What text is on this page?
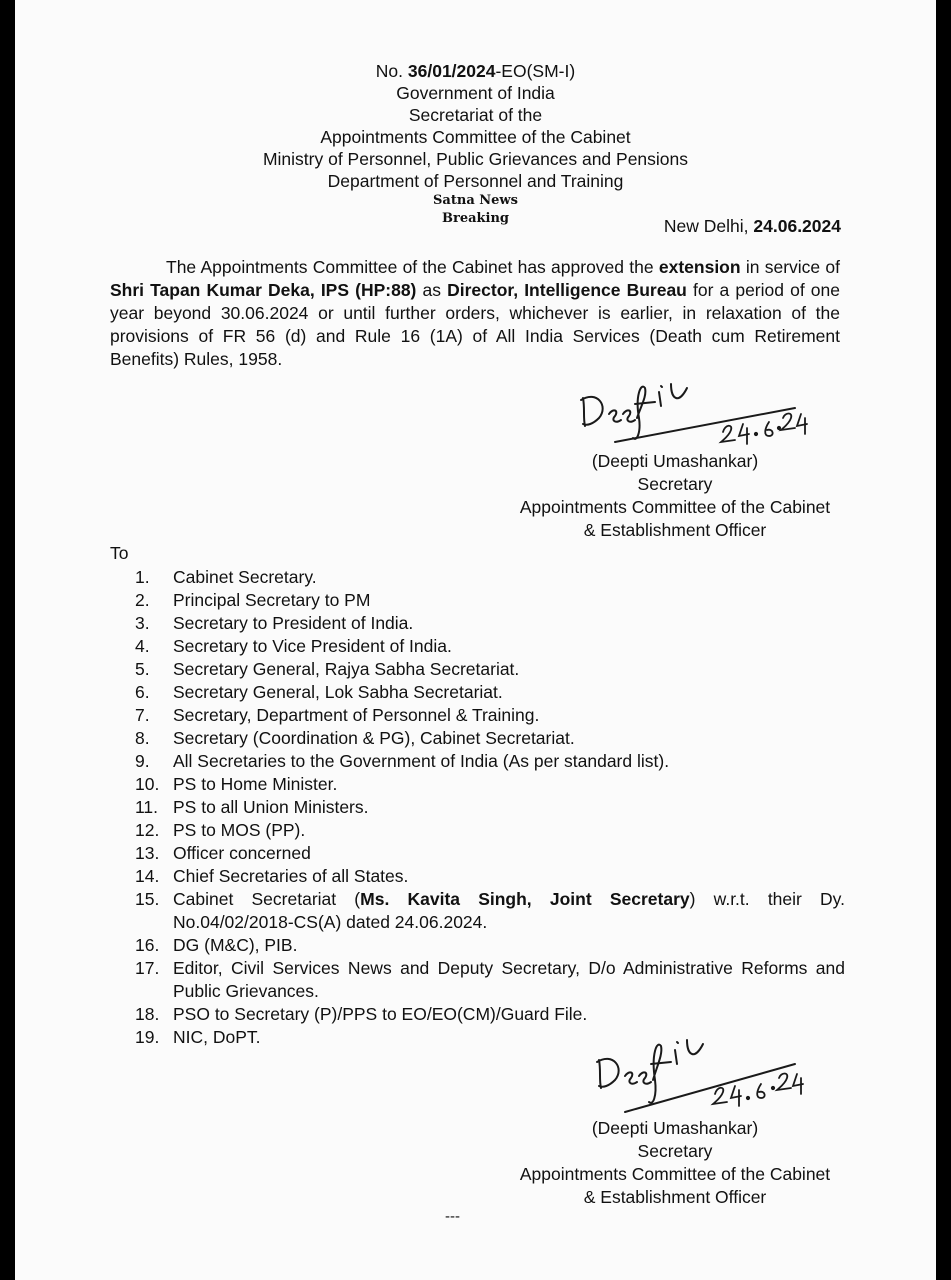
No. 36/01/2024-EO(SM-I)
Government of India
Secretariat of the
Appointments Committee of the Cabinet
Ministry of Personnel, Public Grievances and Pensions
Department of Personnel and Training
Satna News
Breaking	New Delhi, 24.06.2024

The Appointments Committee of the Cabinet has approved the extension in service of Shri Tapan Kumar Deka, IPS (HP:88) as Director, Intelligence Bureau for a period of one year beyond 30.06.2024 or until further orders, whichever is earlier, in relaxation of the provisions of FR 56 (d) and Rule 16 (1A) of All India Services (Death cum Retirement Benefits) Rules, 1958.

(Deepti Umashankar)
Secretary
Appointments Committee of the Cabinet
& Establishment Officer
To
1. Cabinet Secretary.
2. Principal Secretary to PM
3. Secretary to President of India.
4. Secretary to Vice President of India.
5. Secretary General, Rajya Sabha Secretariat.
6. Secretary General, Lok Sabha Secretariat.
7. Secretary, Department of Personnel & Training.
8. Secretary (Coordination & PG), Cabinet Secretariat.
9. All Secretaries to the Government of India (As per standard list).
10. PS to Home Minister.
11. PS to all Union Ministers.
12. PS to MOS (PP).
13. Officer concerned
14. Chief Secretaries of all States.
15. Cabinet Secretariat (Ms. Kavita Singh, Joint Secretary) w.r.t. their Dy. No.04/02/2018-CS(A) dated 24.06.2024.
16. DG (M&C), PIB.
17. Editor, Civil Services News and Deputy Secretary, D/o Administrative Reforms and Public Grievances.
18. PSO to Secretary (P)/PPS to EO/EO(CM)/Guard File.
19. NIC, DoPT.
(Deepti Umashankar)
Secretary
Appointments Committee of the Cabinet
& Establishment Officer
---
